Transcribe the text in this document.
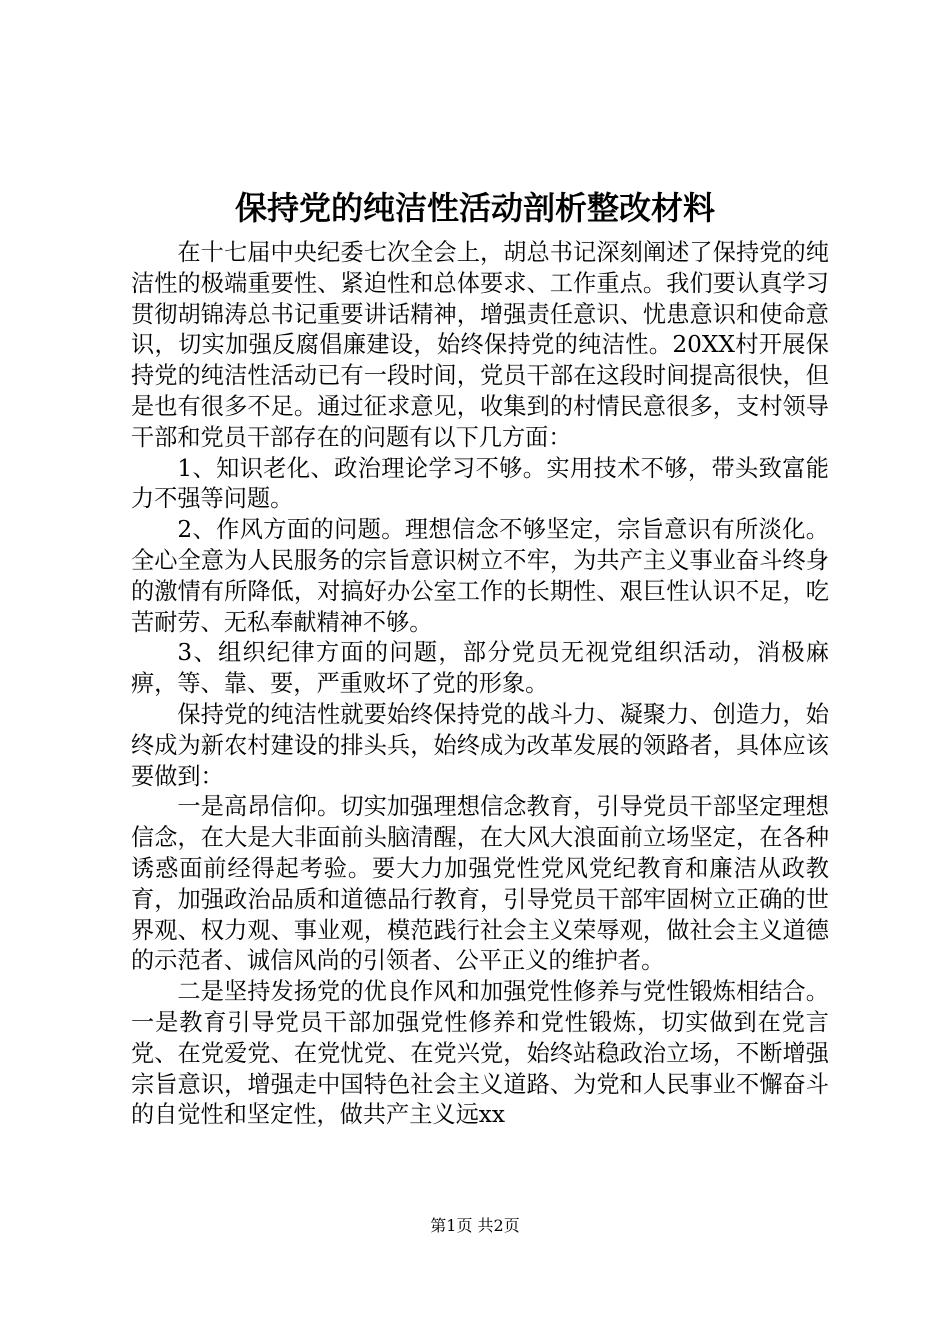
保持党的纯洁性活动剖析整改材料

在十七届中央纪委七次全会上，胡总书记深刻阐述了保持党的纯洁性的极端重要性、紧迫性和总体要求、工作重点。我们要认真学习贯彻胡锦涛总书记重要讲话精神，增强责任意识、忧患意识和使命意识，切实加强反腐倡廉建设，始终保持党的纯洁性。20XX村开展保持党的纯洁性活动已有一段时间，党员干部在这段时间提高很快，但是也有很多不足。通过征求意见，收集到的村情民意很多，支村领导干部和党员干部存在的问题有以下几方面：

1、知识老化、政治理论学习不够。实用技术不够，带头致富能力不强等问题。

2、作风方面的问题。理想信念不够坚定，宗旨意识有所淡化。全心全意为人民服务的宗旨意识树立不牢，为共产主义事业奋斗终身的激情有所降低，对搞好办公室工作的长期性、艰巨性认识不足，吃苦耐劳、无私奉献精神不够。

3、组织纪律方面的问题，部分党员无视党组织活动，消极麻痹，等、靠、要，严重败坏了党的形象。

保持党的纯洁性就要始终保持党的战斗力、凝聚力、创造力，始终成为新农村建设的排头兵，始终成为改革发展的领路者，具体应该要做到：

一是高昂信仰。切实加强理想信念教育，引导党员干部坚定理想信念，在大是大非面前头脑清醒，在大风大浪面前立场坚定，在各种诱惑面前经得起考验。要大力加强党性党风党纪教育和廉洁从政教育，加强政治品质和道德品行教育，引导党员干部牢固树立正确的世界观、权力观、事业观，模范践行社会主义荣辱观，做社会主义道德的示范者、诚信风尚的引领者、公平正义的维护者。

二是坚持发扬党的优良作风和加强党性修养与党性锻炼相结合。一是教育引导党员干部加强党性修养和党性锻炼，切实做到在党言党、在党爱党、在党忧党、在党兴党，始终站稳政治立场，不断增强宗旨意识，增强走中国特色社会主义道路、为党和人民事业不懈奋斗的自觉性和坚定性，做共产主义远xx

第1页 共2页
